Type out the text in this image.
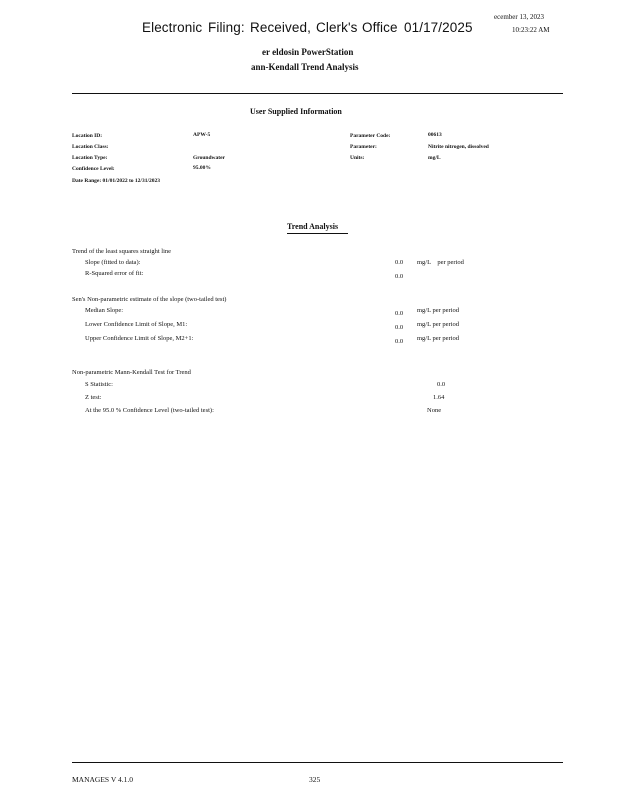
Electronic Filing: Received, Clerk's Office 01/17/2025
ecember 13, 2023
10:23:22 AM
er eldosin PowerStation
ann-Kendall Trend Analysis
User Supplied Information
Location ID:	APW-5
Location Class:
Location Type:	Groundwater
Confidence Level:	95.00%
Date Range: 01/01/2022 to 12/31/2023
Parameter Code:	00613
Parameter:	Nitrite nitrogen, dissolved
Units:	mg/L
Trend Analysis
Trend of the least squares straight line
Slope (fitted to data):	0.0 mg/L    per period
R-Squared error of fit:	0.0
Sen's Non-parametric estimate of the slope (two-tailed test)
Median Slope:	0.0 mg/L per period
Lower Confidence Limit of Slope, M1:	0.0 mg/L per period
Upper Confidence Limit of Slope, M2+1:	0.0 mg/L per period
Non-parametric Mann-Kendall Test for Trend
S Statistic:	0.0
Z test:	1.64
At the 95.0 % Confidence Level (two-tailed test):	None
MANAGES V 4.1.0	325
